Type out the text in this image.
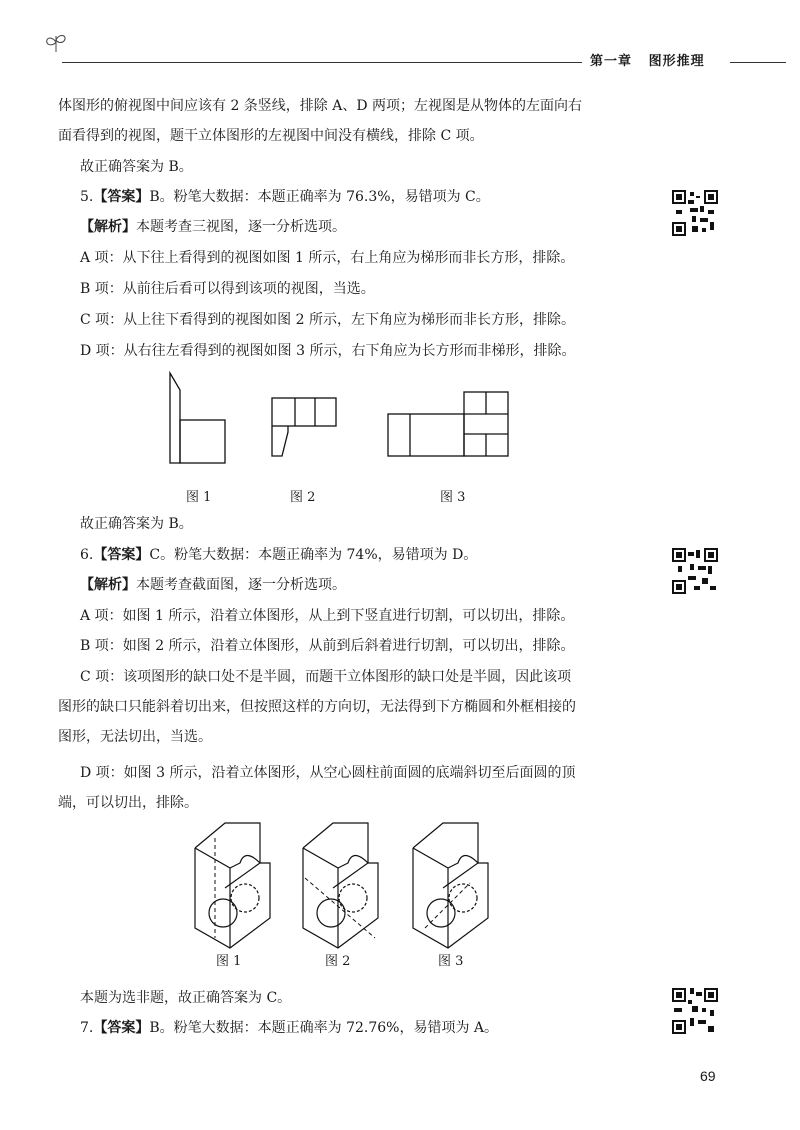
第一章 图形推理
体图形的俯视图中间应该有 2 条竖线，排除 A、D 两项；左视图是从物体的左面向右
面看得到的视图，题干立体图形的左视图中间没有横线，排除 C 项。
故正确答案为 B。
5.【答案】B。粉笔大数据：本题正确率为 76.3%，易错项为 C。
【解析】本题考查三视图，逐一分析选项。
A 项：从下往上看得到的视图如图 1 所示，右上角应为梯形而非长方形，排除。
B 项：从前往后看可以得到该项的视图，当选。
C 项：从上往下看得到的视图如图 2 所示，左下角应为梯形而非长方形，排除。
D 项：从右往左看得到的视图如图 3 所示，右下角应为长方形而非梯形，排除。
图 1	图 2	图 3
故正确答案为 B。
6.【答案】C。粉笔大数据：本题正确率为 74%，易错项为 D。
【解析】本题考查截面图，逐一分析选项。
A 项：如图 1 所示，沿着立体图形，从上到下竖直进行切割，可以切出，排除。
B 项：如图 2 所示，沿着立体图形，从前到后斜着进行切割，可以切出，排除。
C 项：该项图形的缺口处不是半圆，而题干立体图形的缺口处是半圆，因此该项
图形的缺口只能斜着切出来，但按照这样的方向切，无法得到下方椭圆和外框相接的
图形，无法切出，当选。
D 项：如图 3 所示，沿着立体图形，从空心圆柱前面圆的底端斜切至后面圆的顶
端，可以切出，排除。
图 1	图 2	图 3
本题为选非题，故正确答案为 C。
7.【答案】B。粉笔大数据：本题正确率为 72.76%，易错项为 A。
69
